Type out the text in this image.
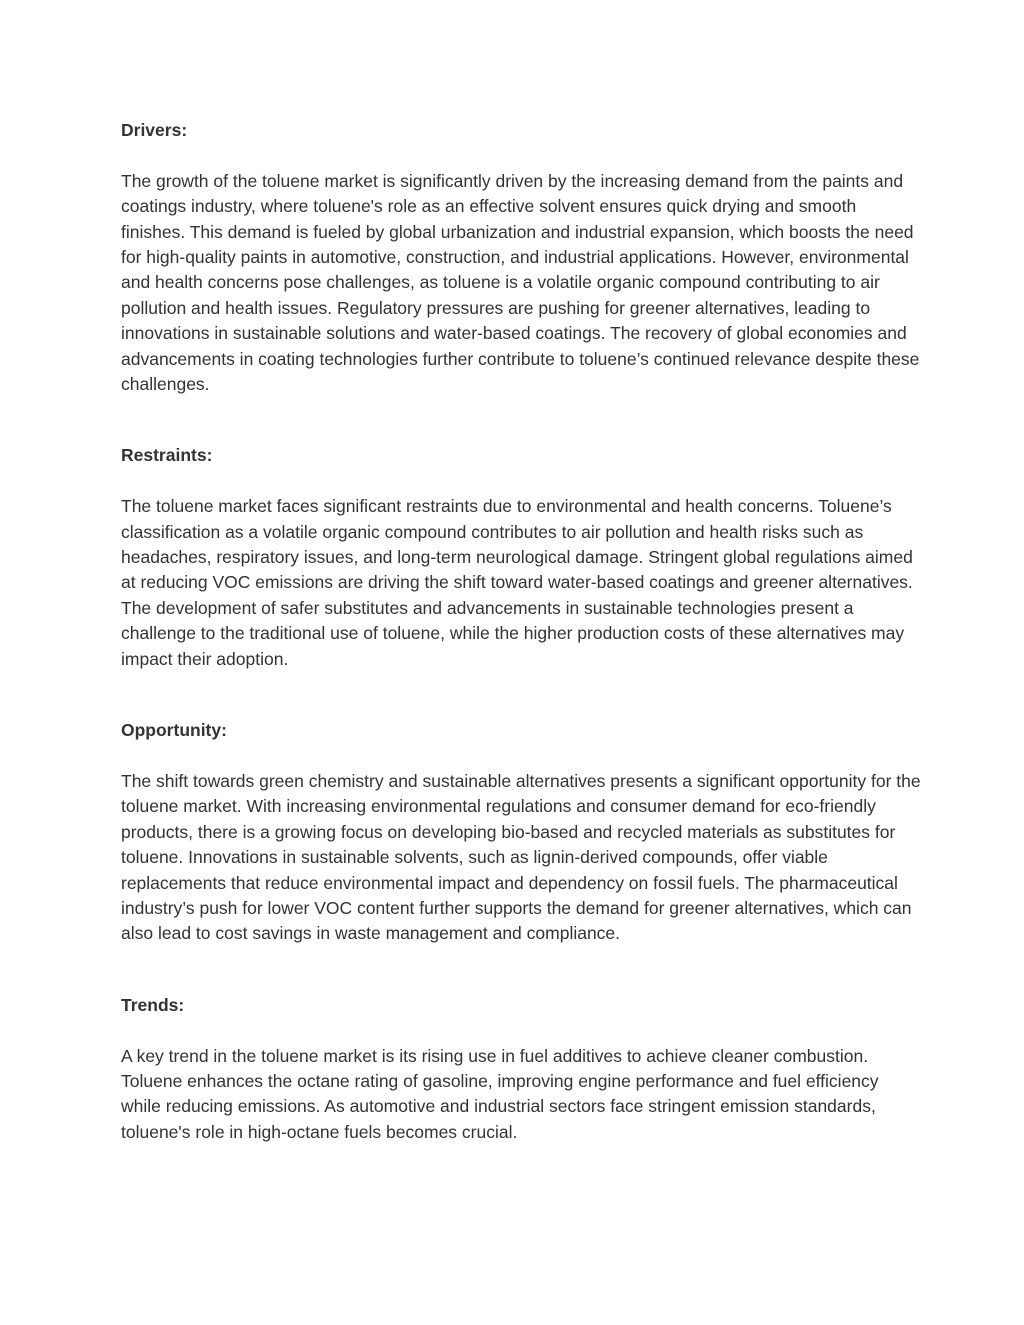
Drivers:

The growth of the toluene market is significantly driven by the increasing demand from the paints and coatings industry, where toluene's role as an effective solvent ensures quick drying and smooth finishes. This demand is fueled by global urbanization and industrial expansion, which boosts the need for high-quality paints in automotive, construction, and industrial applications. However, environmental and health concerns pose challenges, as toluene is a volatile organic compound contributing to air pollution and health issues. Regulatory pressures are pushing for greener alternatives, leading to innovations in sustainable solutions and water-based coatings. The recovery of global economies and advancements in coating technologies further contribute to toluene’s continued relevance despite these challenges.

Restraints:

The toluene market faces significant restraints due to environmental and health concerns. Toluene’s classification as a volatile organic compound contributes to air pollution and health risks such as headaches, respiratory issues, and long-term neurological damage. Stringent global regulations aimed at reducing VOC emissions are driving the shift toward water-based coatings and greener alternatives. The development of safer substitutes and advancements in sustainable technologies present a challenge to the traditional use of toluene, while the higher production costs of these alternatives may impact their adoption.

Opportunity:

The shift towards green chemistry and sustainable alternatives presents a significant opportunity for the toluene market. With increasing environmental regulations and consumer demand for eco-friendly products, there is a growing focus on developing bio-based and recycled materials as substitutes for toluene. Innovations in sustainable solvents, such as lignin-derived compounds, offer viable replacements that reduce environmental impact and dependency on fossil fuels. The pharmaceutical industry’s push for lower VOC content further supports the demand for greener alternatives, which can also lead to cost savings in waste management and compliance.

Trends:

A key trend in the toluene market is its rising use in fuel additives to achieve cleaner combustion. Toluene enhances the octane rating of gasoline, improving engine performance and fuel efficiency while reducing emissions. As automotive and industrial sectors face stringent emission standards, toluene's role in high-octane fuels becomes crucial.
